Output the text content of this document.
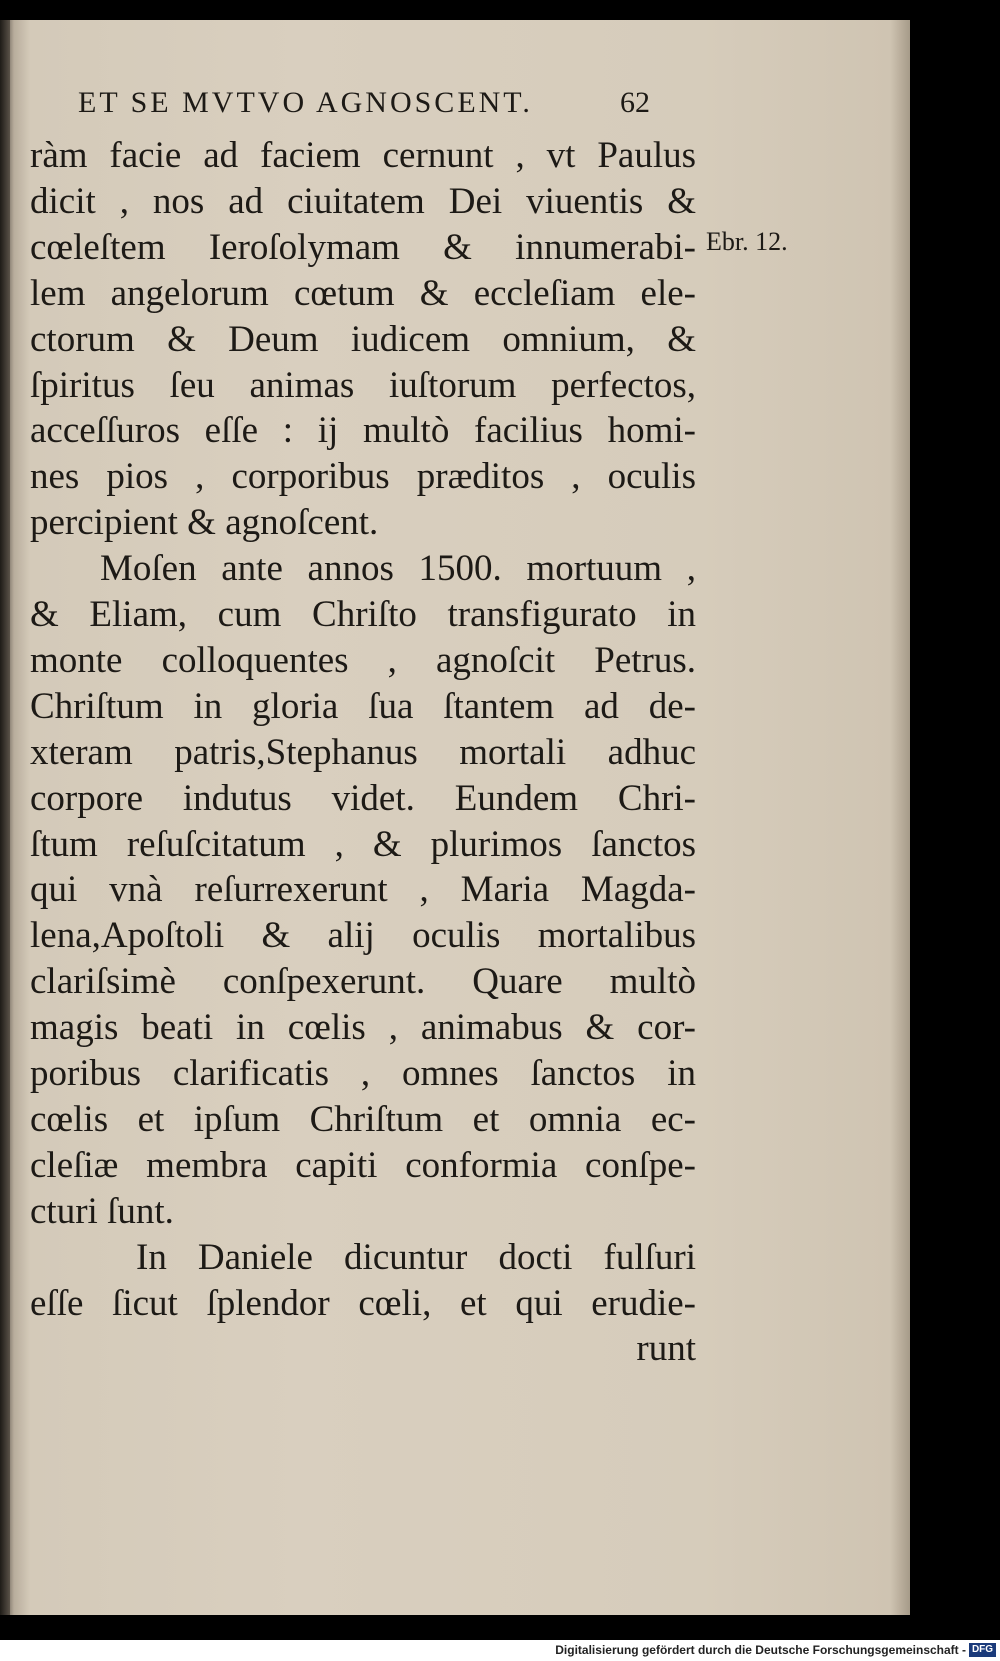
ET SE MVTVO AGNOSCENT.	62
Ebr. 12.
ràm facie ad faciem cernunt , vt Paulus
dicit , nos ad ciuitatem Dei viuentis &
cœleſtem Ieroſolymam & innumerabi-
lem angelorum cœtum & eccleſiam ele-
ctorum & Deum iudicem omnium, &
ſpiritus ſeu animas iuſtorum perfectos,
acceſſuros eſſe : ij multò facilius homi-
nes pios , corporibus præditos , oculis
percipient & agnoſcent.
Moſen ante annos 1500. mortuum ,
& Eliam, cum Chriſto transfigurato in
monte colloquentes , agnoſcit Petrus.
Chriſtum in gloria ſua ſtantem ad de-
xteram patris,Stephanus mortali adhuc
corpore indutus videt. Eundem Chri-
ſtum reſuſcitatum , & plurimos ſanctos
qui vnà reſurrexerunt , Maria Magda-
lena,Apoſtoli & alij oculis mortalibus
clariſsimè conſpexerunt. Quare multò
magis beati in cœlis , animabus & cor-
poribus clarificatis , omnes ſanctos in
cœlis et ipſum Chriſtum et omnia ec-
cleſiæ membra capiti conformia conſpe-
cturi ſunt.
In Daniele dicuntur docti fulſuri
eſſe ſicut ſplendor cœli, et qui erudie-
runt
Digitalisierung gefördert durch die Deutsche Forschungsgemeinschaft - DFG
